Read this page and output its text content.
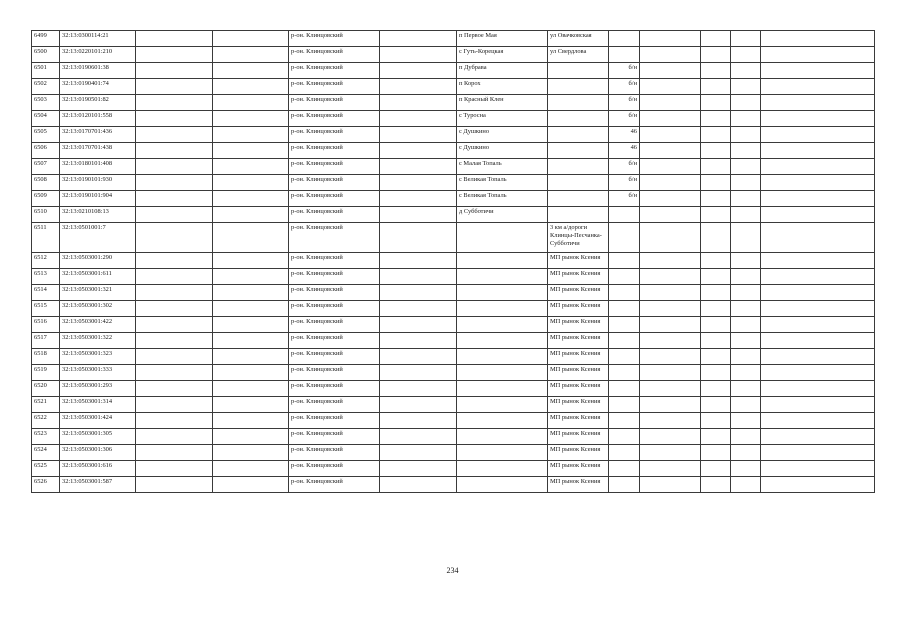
6499	32:13:0300114:21			р-он. Клинцовский		п Первое Мая	ул Овачковская					
6500	32:13:0220101:210			р-он. Клинцовский		с Гуть-Корецкая	ул Свердлова					
6501	32:13:0190601:38			р-он. Клинцовский		п Дубрава		б/н				
6502	32:13:0190401:74			р-он. Клинцовский		п Корох		б/н				
6503	32:13:0190501:82			р-он. Клинцовский		п Красный Клен		б/н				
6504	32:13:0120101:558			р-он. Клинцовский		с Туросна		б/н				
6505	32:13:0170701:436			р-он. Клинцовский		с Душкино		46				
6506	32:13:0170701:438			р-он. Клинцовский		с Душкино		46				
6507	32:13:0180101:408			р-он. Клинцовский		с Малая Топаль		б/н				
6508	32:13:0190101:930			р-он. Клинцовский		с Великая Топаль		б/н				
6509	32:13:0190101:904			р-он. Клинцовский		с Великая Топаль		б/н				
6510	32:13:0210108:13			р-он. Клинцовский		д Субботичи						
6511	32:13:0501001:7			р-он. Клинцовский			3 км а/дороги Клинцы-Песчанка-Субботичи					
6512	32:13:0503001:290			р-он. Клинцовский			МП рынок Ксения					
6513	32:13:0503001:611			р-он. Клинцовский			МП рынок Ксения					
6514	32:13:0503001:321			р-он. Клинцовский			МП рынок Ксения					
6515	32:13:0503001:302			р-он. Клинцовский			МП рынок Ксения					
6516	32:13:0503001:422			р-он. Клинцовский			МП рынок Ксения					
6517	32:13:0503001:322			р-он. Клинцовский			МП рынок Ксения					
6518	32:13:0503001:323			р-он. Клинцовский			МП рынок Ксения					
6519	32:13:0503001:333			р-он. Клинцовский			МП рынок Ксения					
6520	32:13:0503001:293			р-он. Клинцовский			МП рынок Ксения					
6521	32:13:0503001:314			р-он. Клинцовский			МП рынок Ксения					
6522	32:13:0503001:424			р-он. Клинцовский			МП рынок Ксения					
6523	32:13:0503001:305			р-он. Клинцовский			МП рынок Ксения					
6524	32:13:0503001:306			р-он. Клинцовский			МП рынок Ксения					
6525	32:13:0503001:616			р-он. Клинцовский			МП рынок Ксения					
6526	32:13:0503001:587			р-он. Клинцовский			МП рынок Ксения					
234
